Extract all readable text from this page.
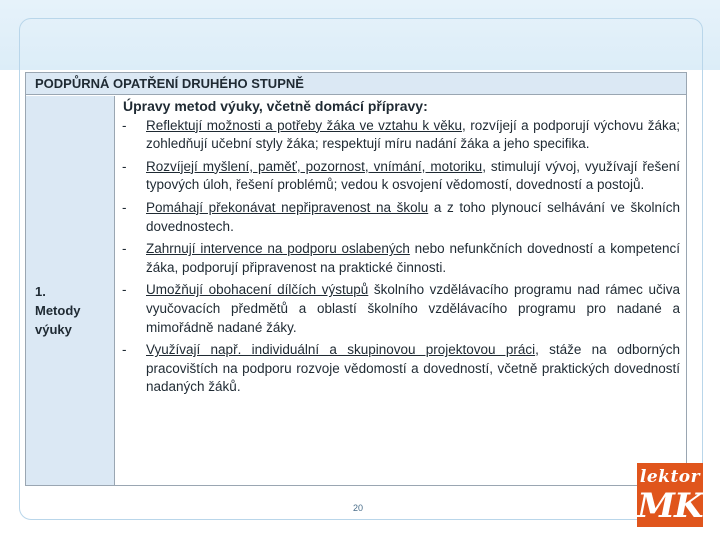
PODPŮRNÁ OPATŘENÍ DRUHÉHO STUPNĚ
1.
Metody
výuky
Úpravy metod výuky, včetně domácí přípravy:
- Reflektují možnosti a potřeby žáka ve vztahu k věku, rozvíjejí a podporují výchovu žáka; zohledňují učební styly žáka; respektují míru nadání žáka a jeho specifika.
- Rozvíjejí myšlení, paměť, pozornost, vnímání, motoriku, stimulují vývoj, využívají řešení typových úloh, řešení problémů; vedou k osvojení vědomostí, dovedností a postojů.
- Pomáhají překonávat nepřipravenost na školu a z toho plynoucí selhávání ve školních dovednostech.
- Zahrnují intervence na podporu oslabených nebo nefunkčních dovedností a kompetencí žáka, podporují připravenost na praktické činnosti.
- Umožňují obohacení dílčích výstupů školního vzdělávacího programu nad rámec učiva vyučovacích předmětů a oblastí školního vzdělávacího programu pro nadané a mimořádně nadané žáky.
- Využívají např. individuální a skupinovou projektovou práci, stáže na odborných pracovištích na podporu rozvoje vědomostí a dovedností, včetně praktických dovedností nadaných žáků.
20
lektor
MK
